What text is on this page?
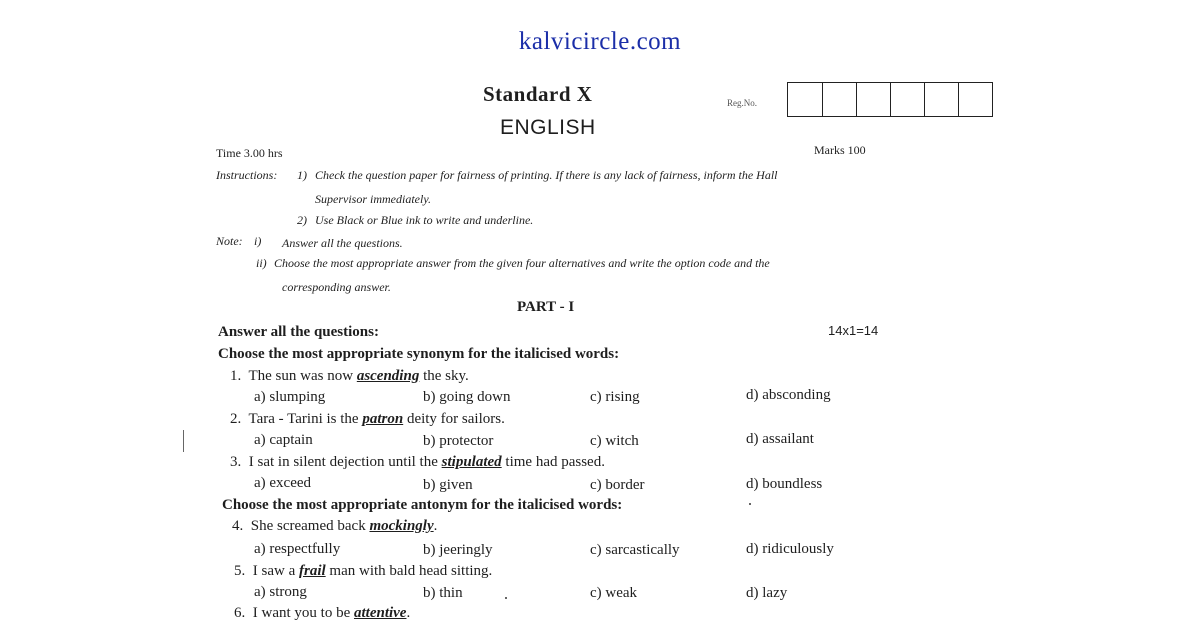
kalvicircle.com
Standard X
ENGLISH
Reg.No.
Time 3.00 hrs	Marks 100
Instructions: 1) Check the question paper for fairness of printing. If there is any lack of fairness, inform the Hall
Supervisor immediately.
2) Use Black or Blue ink to write and underline.
Note: i) Answer all the questions.
ii) Choose the most appropriate answer from the given four alternatives and write the option code and the
corresponding answer.
PART - I
Answer all the questions:	14x1=14
Choose the most appropriate synonym for the italicised words:
1. The sun was now ascending the sky.
a) slumping	b) going down	c) rising	d) absconding
2. Tara - Tarini is the patron deity for sailors.
a) captain	b) protector	c) witch	d) assailant
3. I sat in silent dejection until the stipulated time had passed.
a) exceed	b) given	c) border	d) boundless
Choose the most appropriate antonym for the italicised words:
4. She screamed back mockingly.
a) respectfully	b) jeeringly	c) sarcastically	d) ridiculously
5. I saw a frail man with bald head sitting.
a) strong	b) thin	c) weak	d) lazy
6. I want you to be attentive.
